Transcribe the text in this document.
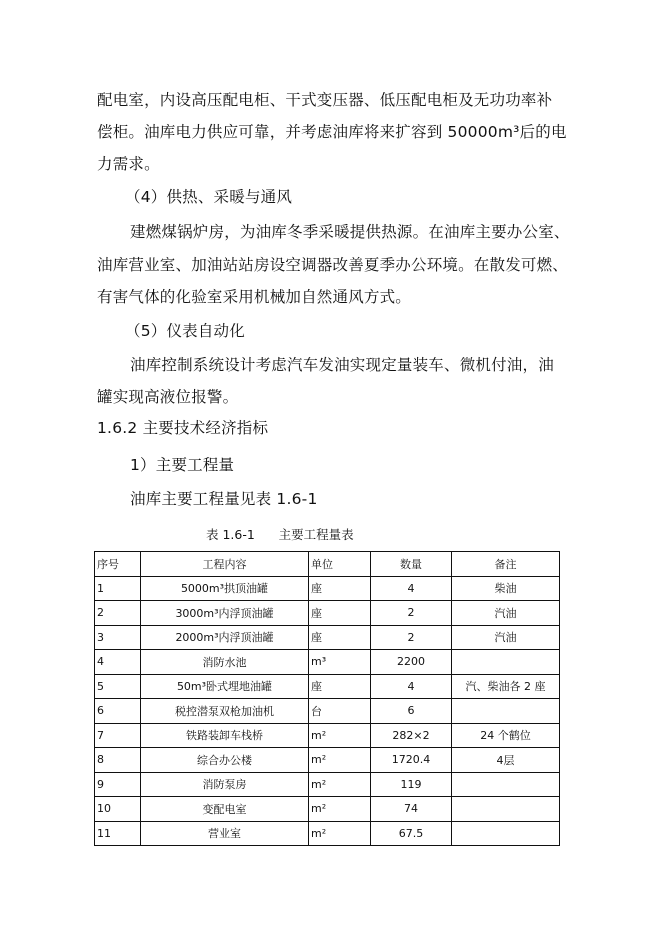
配电室，内设高压配电柜、干式变压器、低压配电柜及无功功率补
偿柜。油库电力供应可靠，并考虑油库将来扩容到 50000m³后的电
力需求。
（4）供热、采暖与通风
建燃煤锅炉房，为油库冬季采暖提供热源。在油库主要办公室、
油库营业室、加油站站房设空调器改善夏季办公环境。在散发可燃、
有害气体的化验室采用机械加自然通风方式。
（5）仪表自动化
油库控制系统设计考虑汽车发油实现定量装车、微机付油，油
罐实现高液位报警。
1.6.2 主要技术经济指标
1）主要工程量
油库主要工程量见表 1.6-1
表 1.6-1      主要工程量表
序号	工程内容	单位	数量	备注
1	5000m³拱顶油罐	座	4	柴油
2	3000m³内浮顶油罐	座	2	汽油
3	2000m³内浮顶油罐	座	2	汽油
4	消防水池	m³	2200	
5	50m³卧式埋地油罐	座	4	汽、柴油各 2 座
6	税控潜泵双枪加油机	台	6	
7	铁路装卸车栈桥	m²	282×2	24 个鹤位
8	综合办公楼	m²	1720.4	4层
9	消防泵房	m²	119	
10	变配电室	m²	74	
11	营业室	m²	67.5	
